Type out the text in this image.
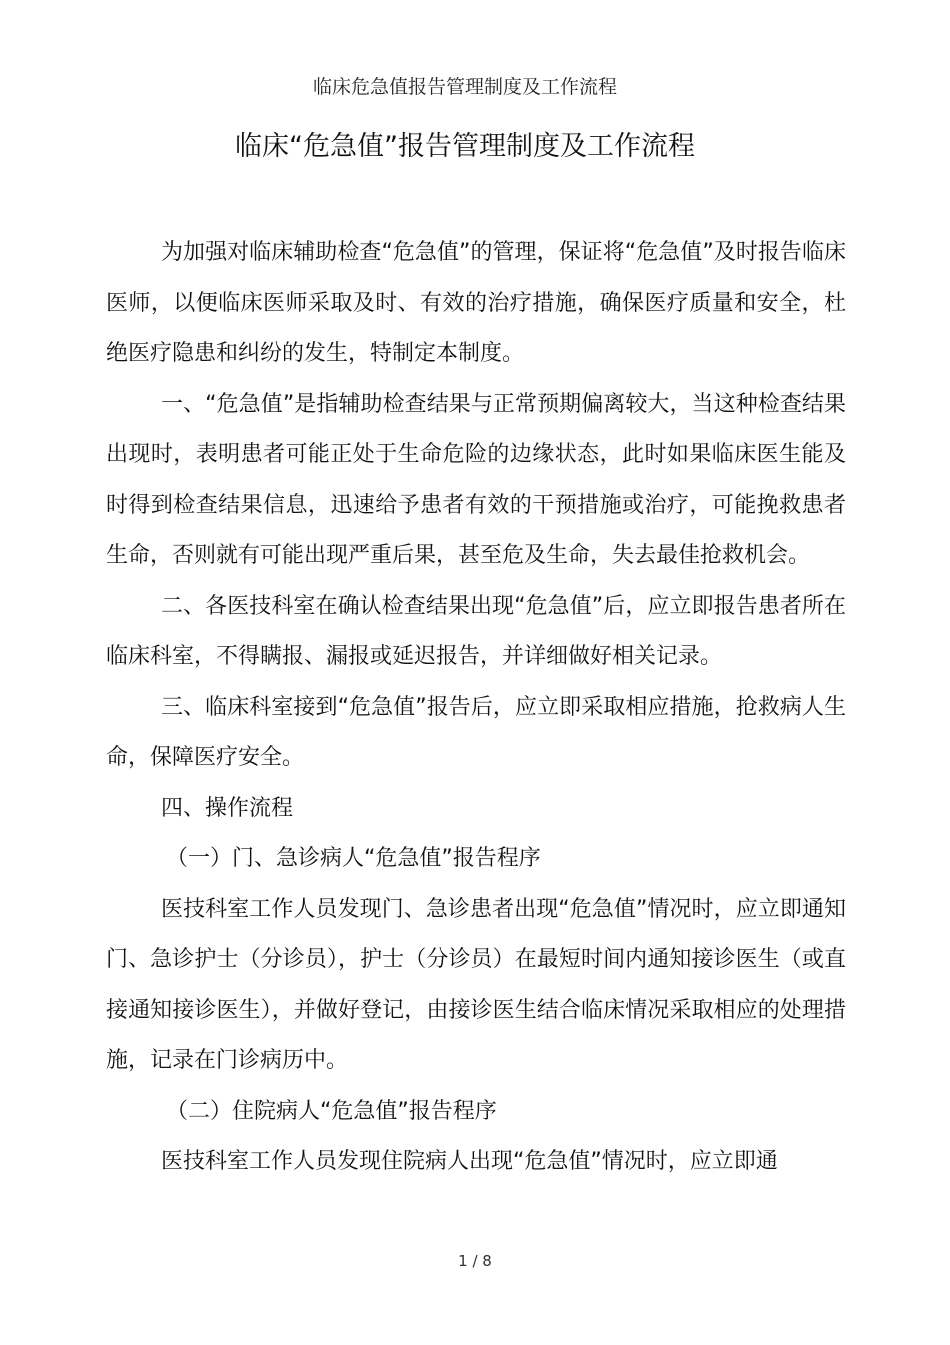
临床危急值报告管理制度及工作流程
临床“危急值”报告管理制度及工作流程

为加强对临床辅助检查“危急值”的管理，保证将“危急值”及时报告临床医师，以便临床医师采取及时、有效的治疗措施，确保医疗质量和安全，杜绝医疗隐患和纠纷的发生，特制定本制度。

一、“危急值”是指辅助检查结果与正常预期偏离较大，当这种检查结果出现时，表明患者可能正处于生命危险的边缘状态，此时如果临床医生能及时得到检查结果信息，迅速给予患者有效的干预措施或治疗，可能挽救患者生命，否则就有可能出现严重后果，甚至危及生命，失去最佳抢救机会。

二、各医技科室在确认检查结果出现“危急值”后，应立即报告患者所在临床科室，不得瞒报、漏报或延迟报告，并详细做好相关记录。

三、临床科室接到“危急值”报告后，应立即采取相应措施，抢救病人生命，保障医疗安全。

四、操作流程

（一）门、急诊病人“危急值”报告程序

医技科室工作人员发现门、急诊患者出现“危急值”情况时，应立即通知门、急诊护士（分诊员），护士（分诊员）在最短时间内通知接诊医生（或直接通知接诊医生），并做好登记，由接诊医生结合临床情况采取相应的处理措施，记录在门诊病历中。

（二）住院病人“危急值”报告程序

医技科室工作人员发现住院病人出现“危急值”情况时，应立即通

1 / 8
